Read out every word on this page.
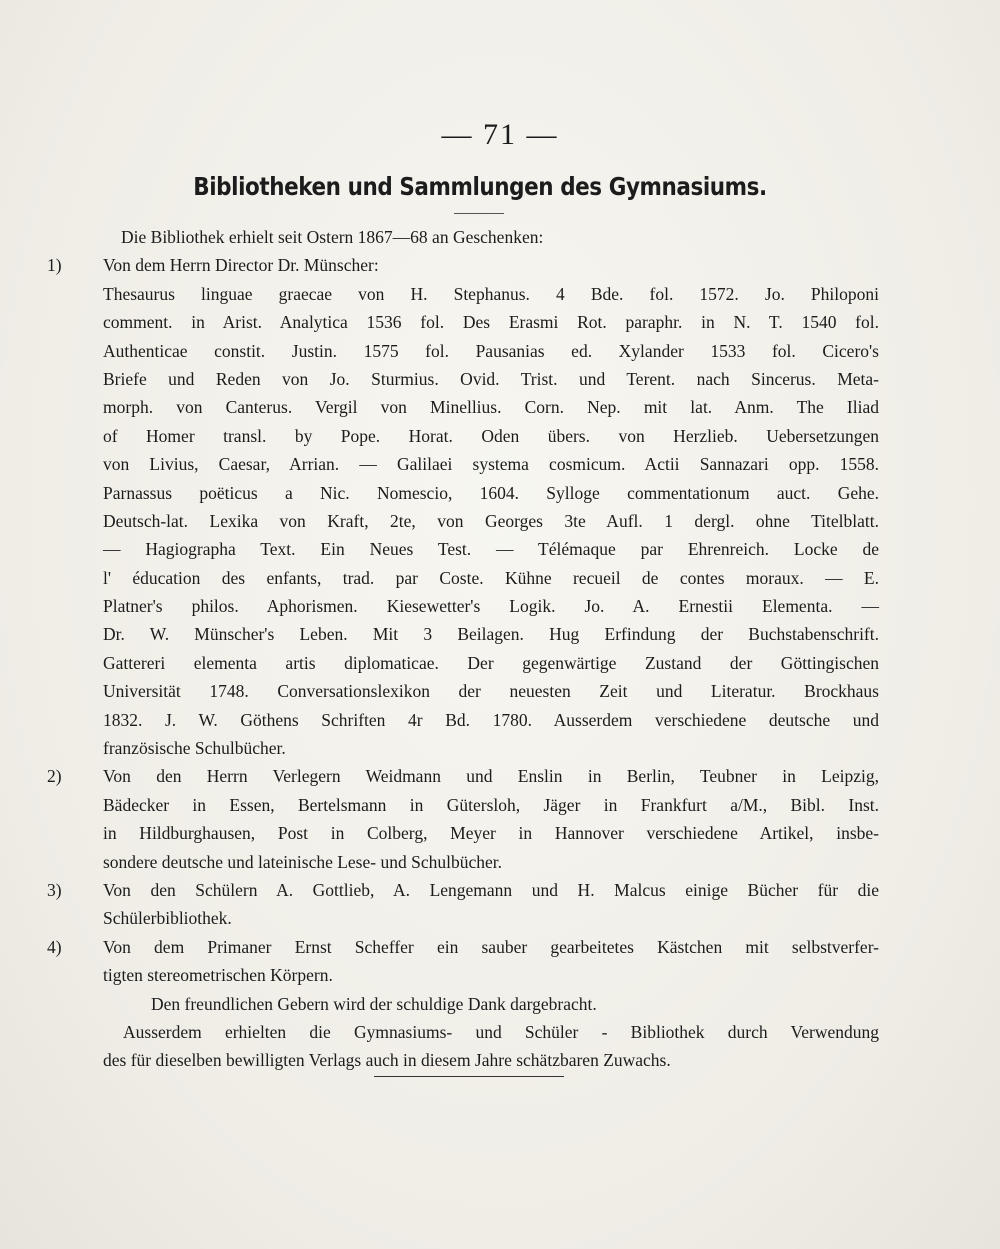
— 71 —
Bibliotheken und Sammlungen des Gymnasiums.
Die Bibliothek erhielt seit Ostern 1867—68 an Geschenken:
1) Von dem Herrn Director Dr. Münscher:
Thesaurus linguae graecae von H. Stephanus. 4 Bde. fol. 1572. Jo. Philoponi
comment. in Arist. Analytica 1536 fol. Des Erasmi Rot. paraphr. in N. T. 1540 fol.
Authenticae constit. Justin. 1575 fol. Pausanias ed. Xylander 1533 fol. Cicero's
Briefe und Reden von Jo. Sturmius. Ovid. Trist. und Terent. nach Sincerus. Meta-
morph. von Canterus. Vergil von Minellius. Corn. Nep. mit lat. Anm. The Iliad
of Homer transl. by Pope. Horat. Oden übers. von Herzlieb. Uebersetzungen
von Livius, Caesar, Arrian. — Galilaei systema cosmicum. Actii Sannazari opp. 1558.
Parnassus poëticus a Nic. Nomescio, 1604. Sylloge commentationum auct. Gehe.
Deutsch-lat. Lexika von Kraft, 2te, von Georges 3te Aufl. 1 dergl. ohne Titelblatt.
— Hagiographa Text. Ein Neues Test. — Télémaque par Ehrenreich. Locke de
l' éducation des enfants, trad. par Coste. Kühne recueil de contes moraux. — E.
Platner's philos. Aphorismen. Kiesewetter's Logik. Jo. A. Ernestii Elementa. —
Dr. W. Münscher's Leben. Mit 3 Beilagen. Hug Erfindung der Buchstabenschrift.
Gattereri elementa artis diplomaticae. Der gegenwärtige Zustand der Göttingischen
Universität 1748. Conversationslexikon der neuesten Zeit und Literatur. Brockhaus
1832. J. W. Göthens Schriften 4r Bd. 1780. Ausserdem verschiedene deutsche und
französische Schulbücher.
2) Von den Herrn Verlegern Weidmann und Enslin in Berlin, Teubner in Leipzig,
Bädecker in Essen, Bertelsmann in Gütersloh, Jäger in Frankfurt a/M., Bibl. Inst.
in Hildburghausen, Post in Colberg, Meyer in Hannover verschiedene Artikel, insbe-
sondere deutsche und lateinische Lese- und Schulbücher.
3) Von den Schülern A. Gottlieb, A. Lengemann und H. Malcus einige Bücher für die
Schülerbibliothek.
4) Von dem Primaner Ernst Scheffer ein sauber gearbeitetes Kästchen mit selbstverfer-
tigten stereometrischen Körpern.
Den freundlichen Gebern wird der schuldige Dank dargebracht.
Ausserdem erhielten die Gymnasiums- und Schüler - Bibliothek durch Verwendung
des für dieselben bewilligten Verlags auch in diesem Jahre schätzbaren Zuwachs.
